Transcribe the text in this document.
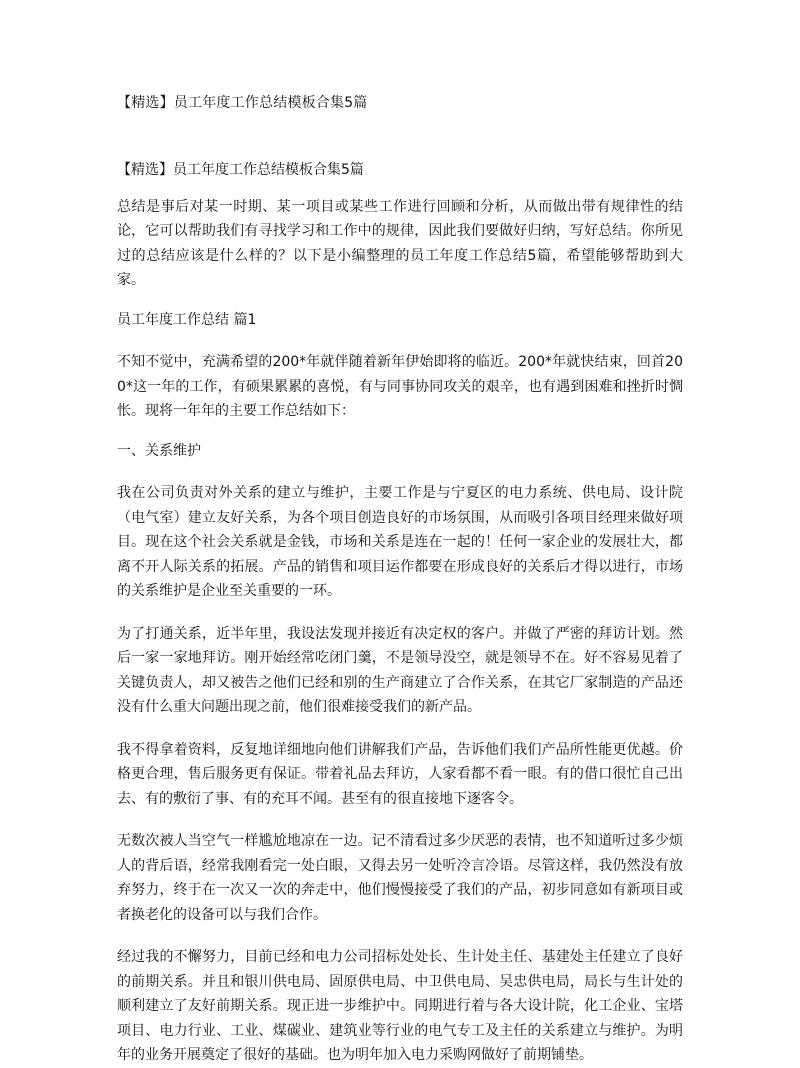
【精选】员工年度工作总结模板合集5篇

【精选】员工年度工作总结模板合集5篇

总结是事后对某一时期、某一项目或某些工作进行回顾和分析，从而做出带有规律性的结论，它可以帮助我们有寻找学习和工作中的规律，因此我们要做好归纳，写好总结。你所见过的总结应该是什么样的？以下是小编整理的员工年度工作总结5篇，希望能够帮助到大家。

员工年度工作总结 篇1

不知不觉中，充满希望的200*年就伴随着新年伊始即将的临近。200*年就快结束，回首200*这一年的工作，有硕果累累的喜悦，有与同事协同攻关的艰辛，也有遇到困难和挫折时惆怅。现将一年年的主要工作总结如下：

一、关系维护

我在公司负责对外关系的建立与维护，主要工作是与宁夏区的电力系统、供电局、设计院（电气室）建立友好关系，为各个项目创造良好的市场氛围，从而吸引各项目经理来做好项目。现在这个社会关系就是金钱，市场和关系是连在一起的！任何一家企业的发展壮大，都离不开人际关系的拓展。产品的销售和项目运作都要在形成良好的关系后才得以进行，市场的关系维护是企业至关重要的一环。

为了打通关系，近半年里，我设法发现并接近有决定权的客户。并做了严密的拜访计划。然后一家一家地拜访。刚开始经常吃闭门羹，不是领导没空，就是领导不在。好不容易见着了关键负责人，却又被告之他们已经和别的生产商建立了合作关系，在其它厂家制造的产品还没有什么重大问题出现之前，他们很难接受我们的新产品。

我不得拿着资料，反复地详细地向他们讲解我们产品，告诉他们我们产品所性能更优越。价格更合理，售后服务更有保证。带着礼品去拜访，人家看都不看一眼。有的借口很忙自己出去、有的敷衍了事、有的充耳不闻。甚至有的很直接地下逐客令。

无数次被人当空气一样尴尬地凉在一边。记不清看过多少厌恶的表情，也不知道听过多少烦人的背后语，经常我刚看完一处白眼，又得去另一处听冷言冷语。尽管这样，我仍然没有放弃努力，终于在一次又一次的奔走中，他们慢慢接受了我们的产品，初步同意如有新项目或者换老化的设备可以与我们合作。

经过我的不懈努力，目前已经和电力公司招标处处长、生计处主任、基建处主任建立了良好的前期关系。并且和银川供电局、固原供电局、中卫供电局、吴忠供电局，局长与生计处的顺利建立了友好前期关系。现正进一步维护中。同期进行着与各大设计院，化工企业、宝塔项目、电力行业、工业、煤碳业、建筑业等行业的电气专工及主任的关系建立与维护。为明年的业务开展奠定了很好的基础。也为明年加入电力采购网做好了前期铺垫。
